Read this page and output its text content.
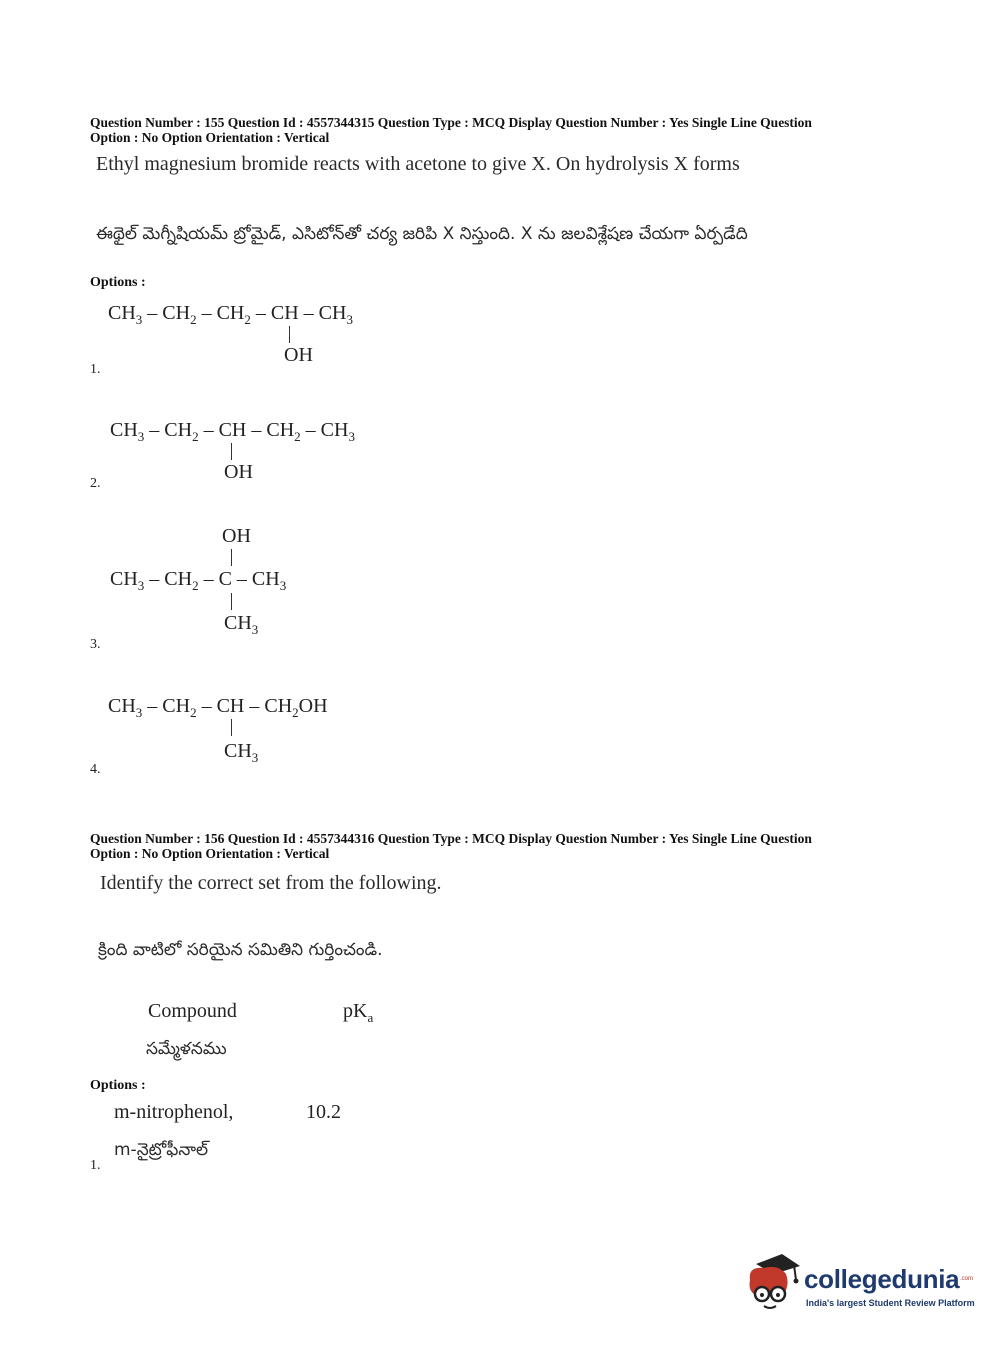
Question Number : 155 Question Id : 4557344315 Question Type : MCQ Display Question Number : Yes Single Line Question
Option : No Option Orientation : Vertical
Ethyl magnesium bromide reacts with acetone to give X. On hydrolysis X forms
ఈథైల్ మెగ్నీషియమ్ బ్రోమైడ్, ఎసిటోన్‌తో చర్య జరిపి X నిస్తుంది. X ను జలవిశ్లేషణ చేయగా ఏర్పడేది
Options :
$CH_3 - CH_2 - CH_2$ – CH – $CH_3$
OH
1.
$CH_3 - CH_2$ – CH – $CH_2 - CH_3$
OH
2.
OH
$CH_3 - CH_2$ – C – $CH_3$
$CH_3$
3.
$CH_3 - CH_2$ – CH – $CH_2OH$
$CH_3$
4.
Question Number : 156 Question Id : 4557344316 Question Type : MCQ Display Question Number : Yes Single Line Question
Option : No Option Orientation : Vertical
Identify the correct set from the following.
క్రింది వాటిలో సరియైన సమితిని గుర్తించండి.
Compound	$pK_a$
సమ్మేళనము
Options :
m-nitrophenol,	10.2
m-నైట్రోఫీనాల్
1.
collegedunia .com
India's largest Student Review Platform
